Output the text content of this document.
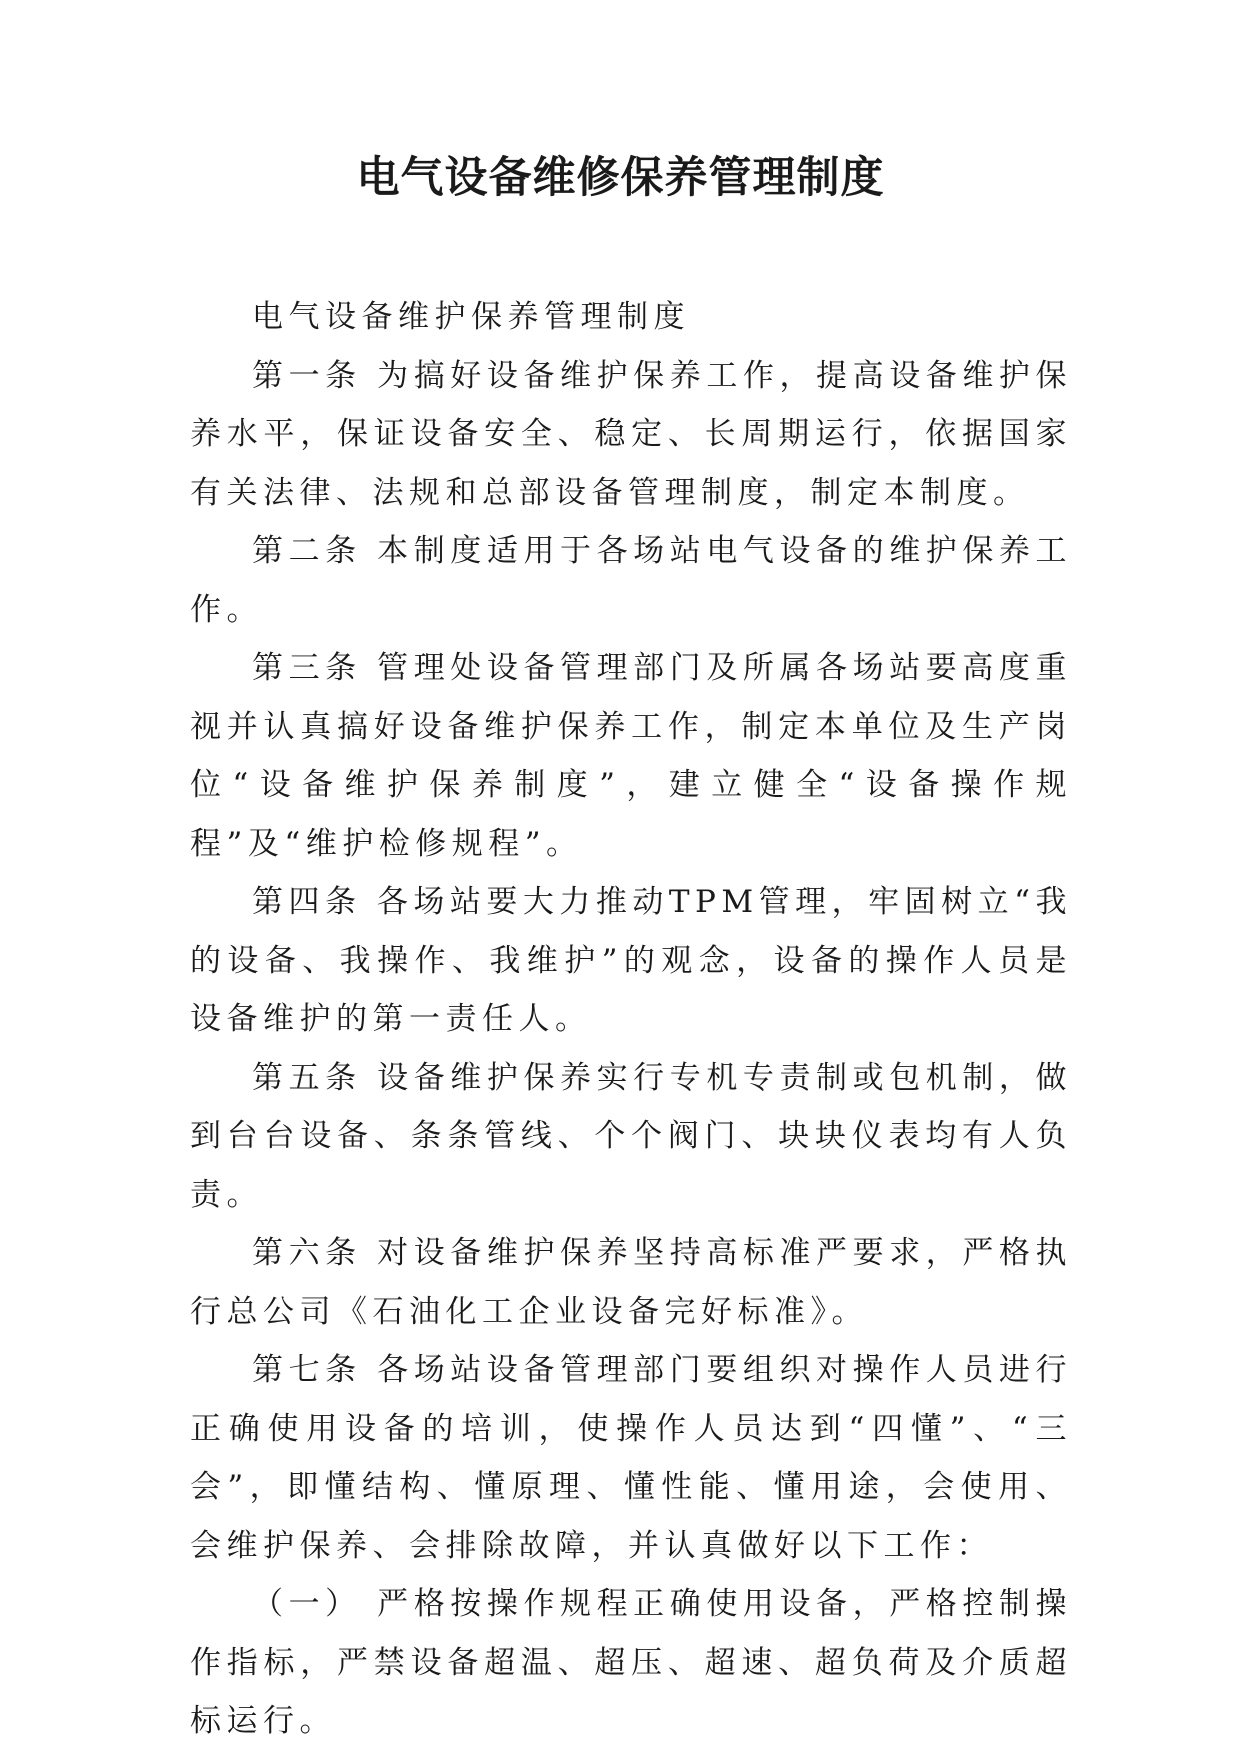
电气设备维修保养管理制度

电气设备维护保养管理制度

第一条 为搞好设备维护保养工作，提高设备维护保养水平，保证设备安全、稳定、长周期运行，依据国家有关法律、法规和总部设备管理制度，制定本制度。

第二条 本制度适用于各场站电气设备的维护保养工作。

第三条 管理处设备管理部门及所属各场站要高度重视并认真搞好设备维护保养工作，制定本单位及生产岗位“设备维护保养制度”，建立健全“设备操作规程”及“维护检修规程”。

第四条 各场站要大力推动TPM管理，牢固树立“我的设备、我操作、我维护”的观念，设备的操作人员是设备维护的第一责任人。

第五条 设备维护保养实行专机专责制或包机制，做到台台设备、条条管线、个个阀门、块块仪表均有人负责。

第六条 对设备维护保养坚持高标准严要求，严格执行总公司《石油化工企业设备完好标准》。

第七条 各场站设备管理部门要组织对操作人员进行正确使用设备的培训，使操作人员达到“四懂”、“三会”，即懂结构、懂原理、懂性能、懂用途，会使用、会维护保养、会排除故障，并认真做好以下工作：

（一） 严格按操作规程正确使用设备，严格控制操作指标，严禁设备超温、超压、超速、超负荷及介质超标运行。
